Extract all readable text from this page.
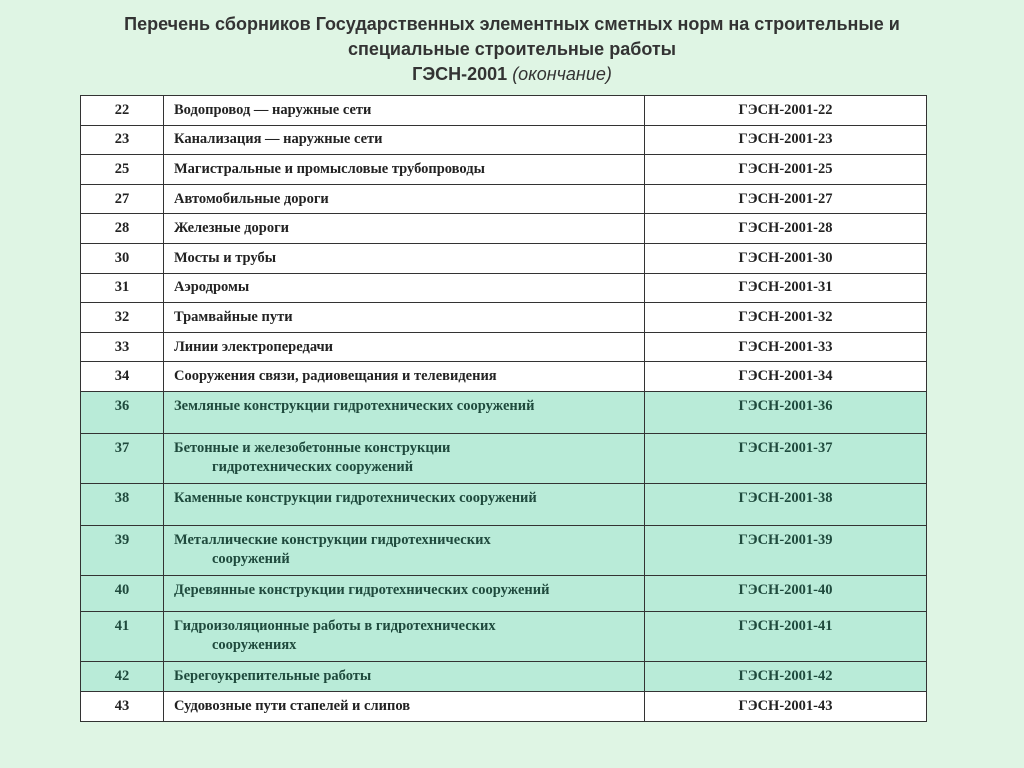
Перечень сборников Государственных элементных сметных норм на строительные и
специальные строительные работы
ГЭСН-2001 (окончание)
22	Водопровод — наружные сети	ГЭСН-2001-22
23	Канализация — наружные сети	ГЭСН-2001-23
25	Магистральные и промысловые трубопроводы	ГЭСН-2001-25
27	Автомобильные дороги	ГЭСН-2001-27
28	Железные дороги	ГЭСН-2001-28
30	Мосты и трубы	ГЭСН-2001-30
31	Аэродромы	ГЭСН-2001-31
32	Трамвайные пути	ГЭСН-2001-32
33	Линии электропередачи	ГЭСН-2001-33
34	Сооружения связи, радиовещания и телевидения	ГЭСН-2001-34
36	Земляные конструкции гидротехнических сооружений	ГЭСН-2001-36
37	Бетонные и железобетонные конструкции
гидротехнических сооружений	ГЭСН-2001-37
38	Каменные конструкции гидротехнических сооружений	ГЭСН-2001-38
39	Металлические конструкции гидротехнических
сооружений	ГЭСН-2001-39
40	Деревянные конструкции гидротехнических сооружений	ГЭСН-2001-40
41	Гидроизоляционные работы в гидротехнических
сооружениях	ГЭСН-2001-41
42	Берегоукрепительные работы	ГЭСН-2001-42
43	Судовозные пути стапелей и слипов	ГЭСН-2001-43
